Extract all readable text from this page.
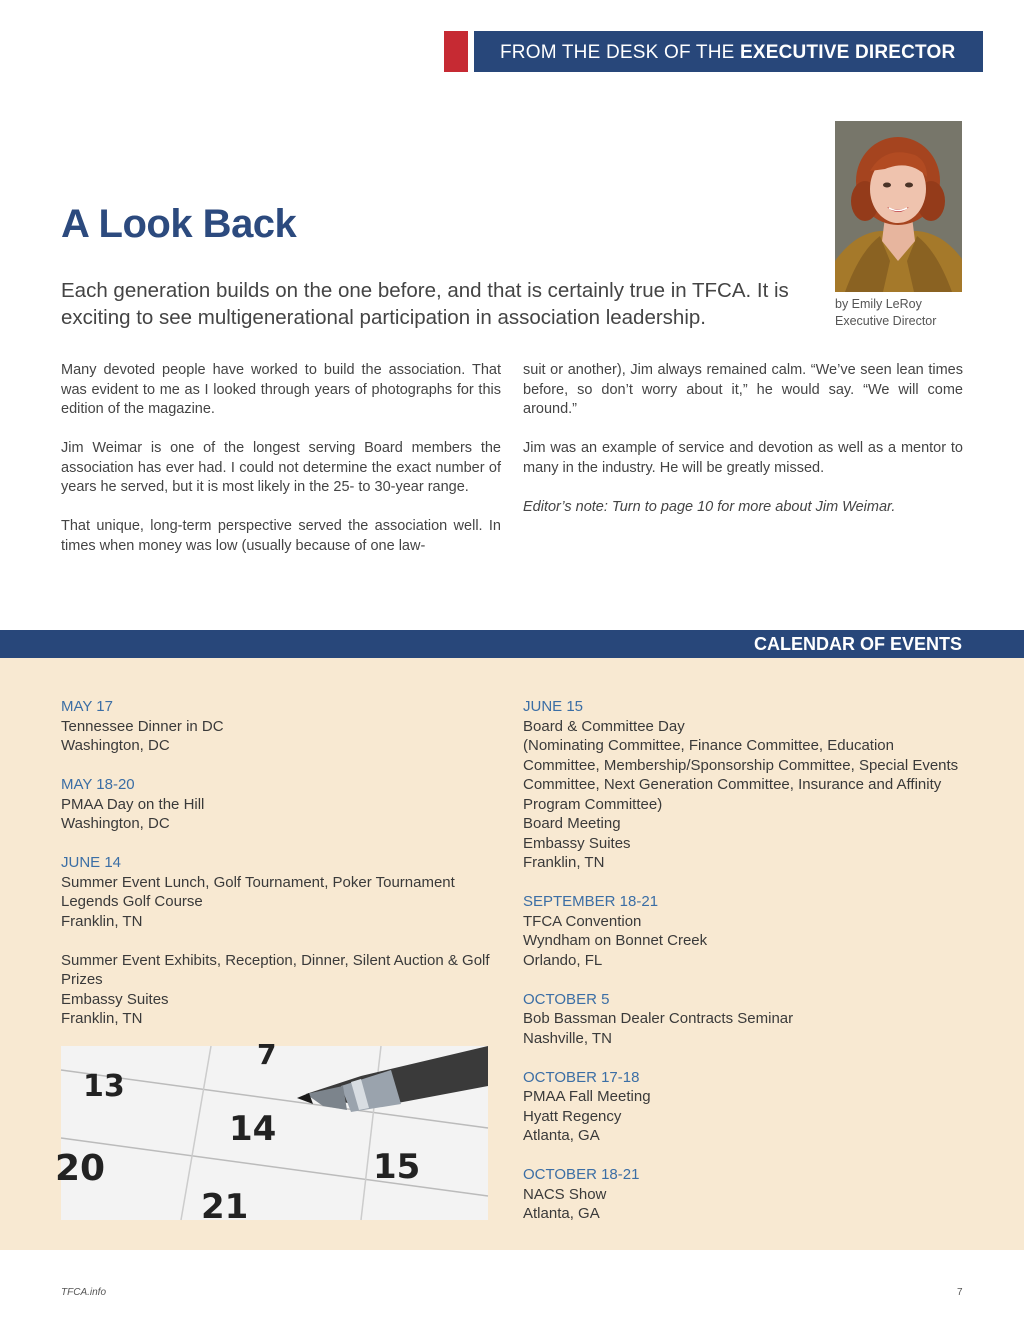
FROM THE DESK OF THE EXECUTIVE DIRECTOR
by Emily LeRoy
Executive Director
A Look Back

Each generation builds on the one before, and that is certainly true in TFCA. It is exciting to see multigenerational participation in association leadership.

Many devoted people have worked to build the association. That was evident to me as I looked through years of photographs for this edition of the magazine.

Jim Weimar is one of the longest serving Board members the association has ever had. I could not determine the exact number of years he served, but it is most likely in the 25- to 30-year range.

That unique, long-term perspective served the association well. In times when money was low (usually because of one law-

suit or another), Jim always remained calm. “We’ve seen lean times before, so don’t worry about it,” he would say. “We will come around.”

Jim was an example of service and devotion as well as a mentor to many in the industry. He will be greatly missed.

Editor’s note: Turn to page 10 for more about Jim Weimar.

CALENDAR OF EVENTS
MAY 17
Tennessee Dinner in DC
Washington, DC
MAY 18-20
PMAA Day on the Hill
Washington, DC
JUNE 14
Summer Event Lunch, Golf Tournament, Poker Tournament
Legends Golf Course
Franklin, TN
Summer Event Exhibits, Reception, Dinner, Silent Auction & Golf Prizes
Embassy Suites
Franklin, TN
JUNE 15
Board & Committee Day
(Nominating Committee, Finance Committee, Education Committee, Membership/Sponsorship Committee, Special Events Committee, Next Generation Committee, Insurance and Affinity Program Committee)
Board Meeting
Embassy Suites
Franklin, TN
SEPTEMBER 18-21
TFCA Convention
Wyndham on Bonnet Creek
Orlando, FL
OCTOBER 5
Bob Bassman Dealer Contracts Seminar
Nashville, TN
OCTOBER 17-18
PMAA Fall Meeting
Hyatt Regency
Atlanta, GA
OCTOBER 18-21
NACS Show
Atlanta, GA
7
13
14
15
20
21
TFCA.info	7
